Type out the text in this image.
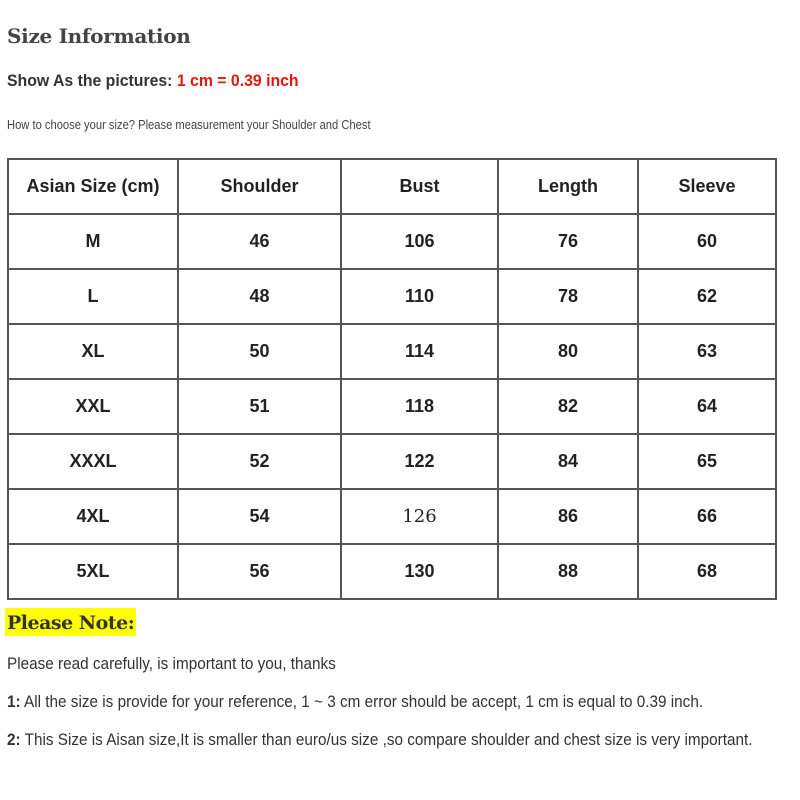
Size Information
Show As the pictures: 1 cm = 0.39 inch
How to choose your size? Please measurement your Shoulder and Chest
Asian Size (cm)	Shoulder	Bust	Length	Sleeve
M	46	106	76	60
L	48	110	78	62
XL	50	114	80	63
XXL	51	118	82	64
XXXL	52	122	84	65
4XL	54	126	86	66
5XL	56	130	88	68
Please Note:
Please read carefully, is important to you, thanks
1: All the size is provide for your reference, 1 ~ 3 cm error should be accept, 1 cm is equal to 0.39 inch.
2: This Size is Aisan size,It is smaller than euro/us size ,so compare shoulder and chest size is very important.
